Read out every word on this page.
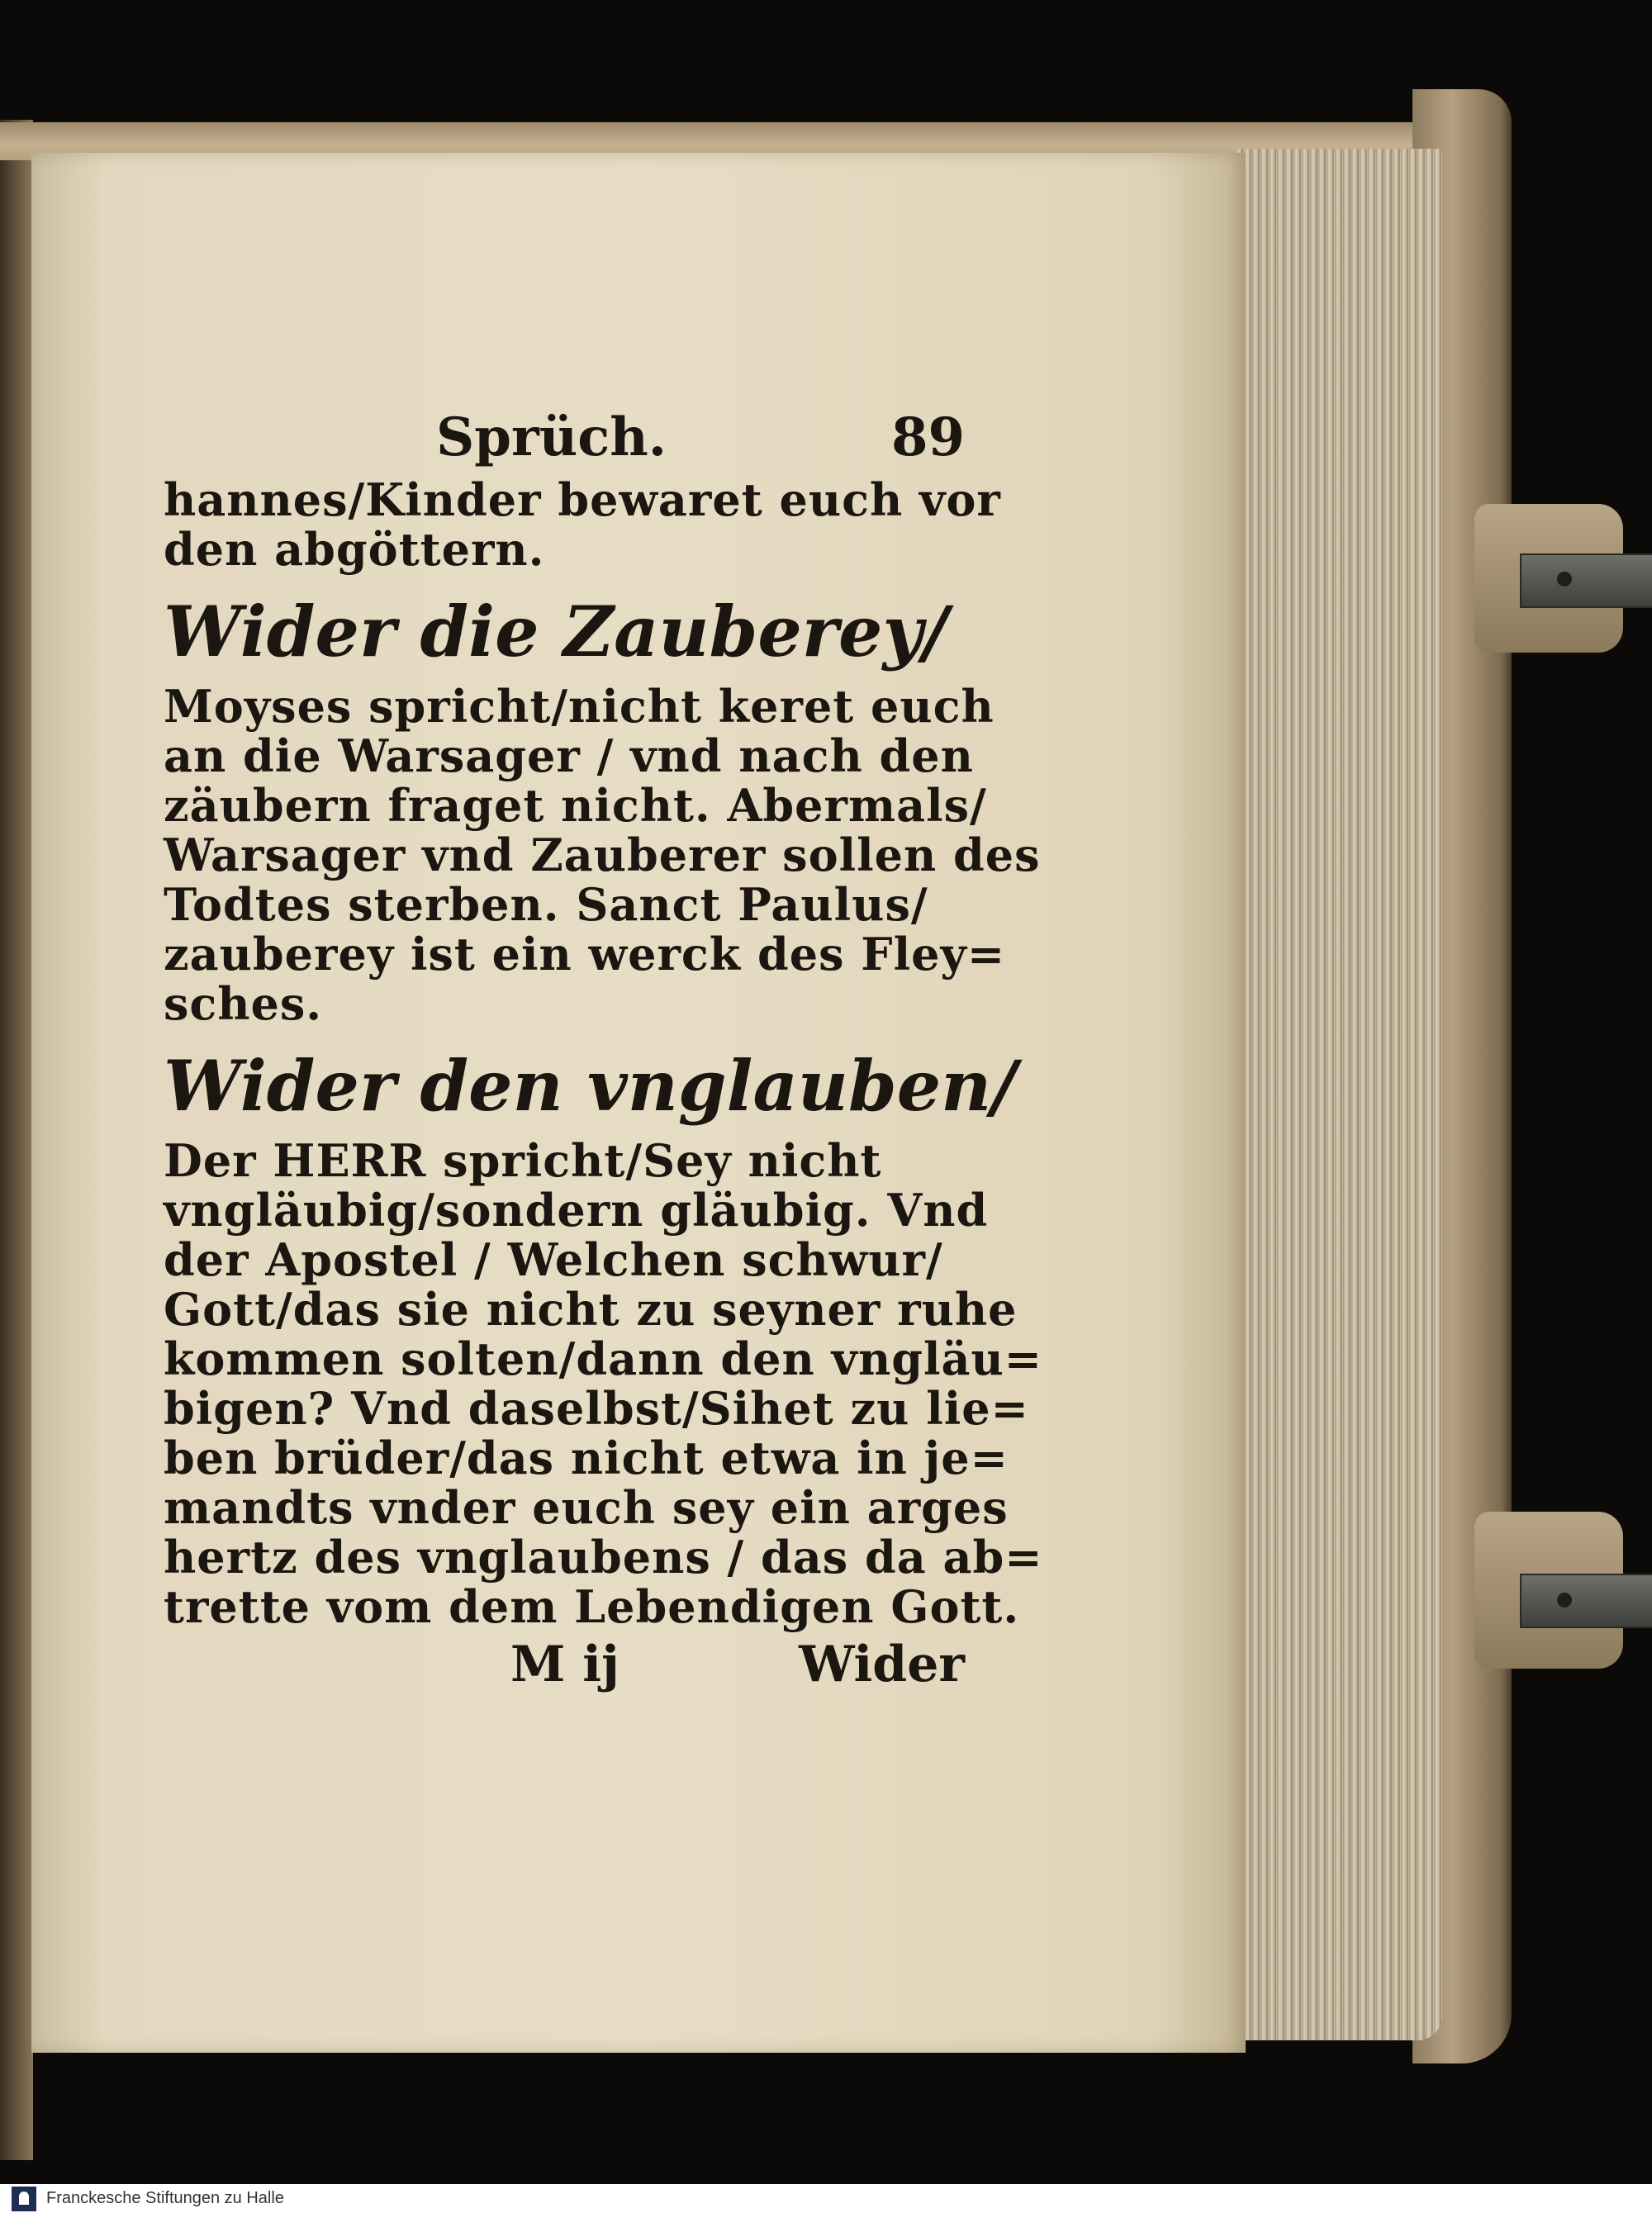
Sprüch.	89
hannes/Kinder bewaret euch vor
den abgöttern.
Wider die Zauberey/
Moyses spricht/nicht keret euch
an die Warsager / vnd nach den
zäubern fraget nicht. Abermals/
Warsager vnd Zauberer sollen des
Todtes sterben. Sanct Paulus/
zauberey ist ein werck des Fley=
sches.
Wider den vnglauben/
Der HERR spricht/Sey nicht
vngläubig/sondern gläubig. Vnd
der Apostel / Welchen schwur/
Gott/das sie nicht zu seyner ruhe
kommen solten/dann den vngläu=
bigen? Vnd daselbst/Sihet zu lie=
ben brüder/das nicht etwa in je=
mandts vnder euch sey ein arges
hertz des vnglaubens / das da ab=
trette vom dem Lebendigen Gott.
M ij	Wider
Franckesche Stiftungen zu Halle
